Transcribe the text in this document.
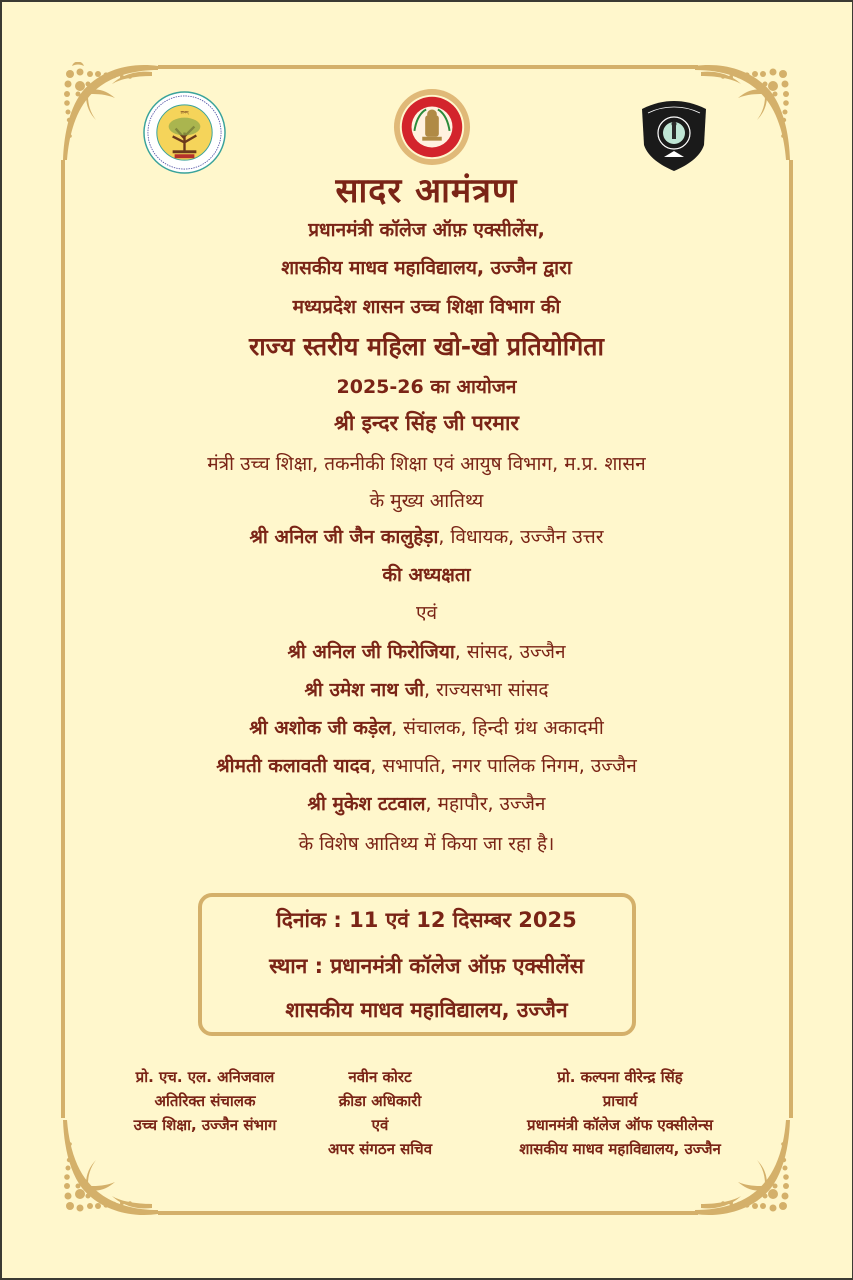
ज्ञानम्
सादर आमंत्रण
प्रधानमंत्री कॉलेज ऑफ़ एक्सीलेंस,
शासकीय माधव महाविद्यालय, उज्जैन द्वारा
मध्यप्रदेश शासन उच्च शिक्षा विभाग की
राज्य स्तरीय महिला खो-खो प्रतियोगिता
2025-26 का आयोजन
श्री इन्दर सिंह जी परमार
मंत्री उच्च शिक्षा, तकनीकी शिक्षा एवं आयुष विभाग, म.प्र. शासन
के मुख्य आतिथ्य
श्री अनिल जी जैन कालुहेड़ा, विधायक, उज्जैन उत्तर
की अध्यक्षता
एवं
श्री अनिल जी फिरोजिया, सांसद, उज्जैन
श्री उमेश नाथ जी, राज्यसभा सांसद
श्री अशोक जी कड़ेल, संचालक, हिन्दी ग्रंथ अकादमी
श्रीमती कलावती यादव, सभापति, नगर पालिक निगम, उज्जैन
श्री मुकेश टटवाल, महापौर, उज्जैन
के विशेष आतिथ्य में किया जा रहा है।
दिनांक : 11 एवं 12 दिसम्बर 2025
स्थान : प्रधानमंत्री कॉलेज ऑफ़ एक्सीलेंस
शासकीय माधव महाविद्यालय, उज्जैन
प्रो. एच. एल. अनिजवाल
अतिरिक्त संचालक
उच्च शिक्षा, उज्जैन संभाग
नवीन कोरट
क्रीडा अधिकारी
एवं
अपर संगठन सचिव
प्रो. कल्पना वीरेन्द्र सिंह
प्राचार्य
प्रधानमंत्री कॉलेज ऑफ एक्सीलेन्स
शासकीय माधव महाविद्यालय, उज्जैन
